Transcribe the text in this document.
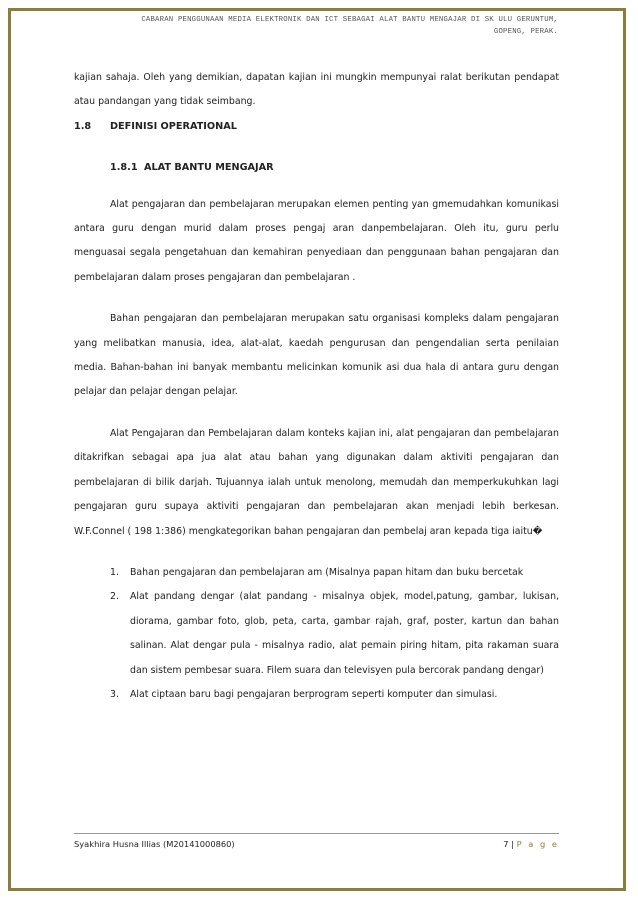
CABARAN PENGGUNAAN MEDIA ELEKTRONIK DAN ICT SEBAGAI ALAT BANTU MENGAJAR DI SK ULU GERUNTUM,
GOPENG, PERAK.

kajian sahaja. Oleh yang demikian, dapatan kajian ini mungkin mempunyai ralat berikutan pendapat atau pandangan yang tidak seimbang.

1.8 DEFINISI OPERATIONAL

1.8.1 ALAT BANTU MENGAJAR

Alat pengajaran dan pembelajaran merupakan elemen penting yan gmemudahkan komunikasi antara guru dengan murid dalam proses pengaj aran danpembelajaran. Oleh itu, guru perlu menguasai segala pengetahuan dan kemahiran penyediaan dan penggunaan bahan pengajaran dan pembelajaran dalam proses pengajaran dan pembelajaran .

Bahan pengajaran dan pembelajaran merupakan satu organisasi kompleks dalam pengajaran yang melibatkan manusia, idea, alat-alat, kaedah pengurusan dan pengendalian serta penilaian media. Bahan-bahan ini banyak membantu melicinkan komunik asi dua hala di antara guru dengan pelajar dan pelajar dengan pelajar.

Alat Pengajaran dan Pembelajaran dalam konteks kajian ini, alat pengajaran dan pembelajaran ditakrifkan sebagai apa jua alat atau bahan yang digunakan dalam aktiviti pengajaran dan pembelajaran di bilik darjah. Tujuannya ialah untuk menolong, memudah dan memperkukuhkan lagi pengajaran guru supaya aktiviti pengajaran dan pembelajaran akan menjadi lebih berkesan. W.F.Connel ( 198 1:386) mengkategorikan bahan pengajaran dan pembelaj aran kepada tiga iaitu�

1. Bahan pengajaran dan pembelajaran am (Misalnya papan hitam dan buku bercetak
2. Alat pandang dengar (alat pandang - misalnya objek, model,patung, gambar, lukisan, diorama, gambar foto, glob, peta, carta, gambar rajah, graf, poster, kartun dan bahan salinan. Alat dengar pula - misalnya radio, alat pemain piring hitam, pita rakaman suara dan sistem pembesar suara. Filem suara dan televisyen pula bercorak pandang dengar)
3. Alat ciptaan baru bagi pengajaran berprogram seperti komputer dan simulasi.
Syakhira Husna Illias (M20141000860)	7 | P a g e
